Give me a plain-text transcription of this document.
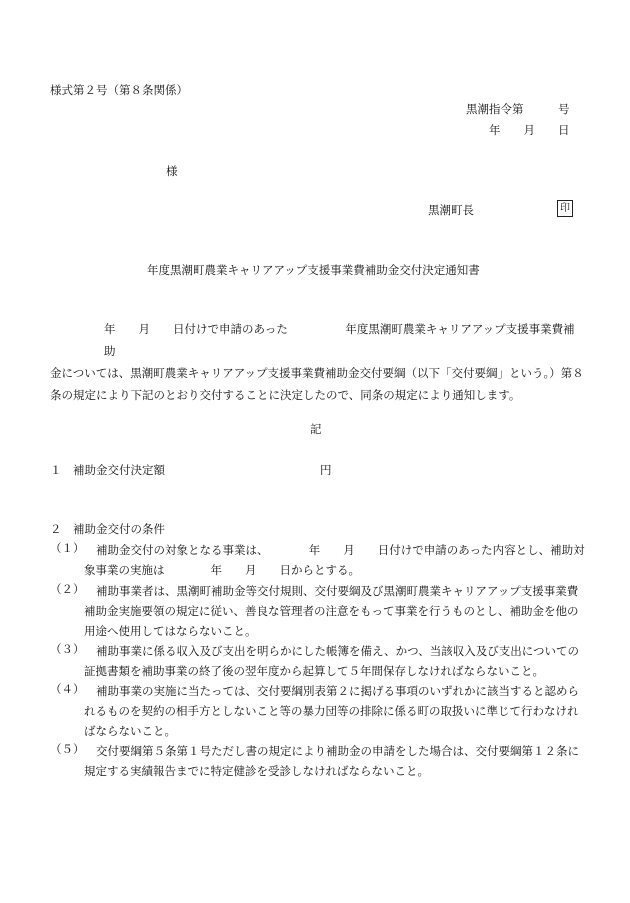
様式第２号（第８条関係）
黒潮指令第　　　号
年　　月　　日
様
黒潮町長	印
年度黒潮町農業キャリアアップ支援事業費補助金交付決定通知書
年　　月　　日付けで申請のあった　　　　　年度黒潮町農業キャリアアップ支援事業費補助
金については、黒潮町農業キャリアアップ支援事業費補助金交付要綱（以下「交付要綱」という。）第８
条の規定により下記のとおり交付することに決定したので、同条の規定により通知します。
記
１　補助金交付決定額	円
２　補助金交付の条件
（１）	補助金交付の対象となる事業は、　　　　年　　月　　日付けで申請のあった内容とし、補助対象事業の実施は　　　　年　　月　　日からとする。
（２）	補助事業者は、黒潮町補助金等交付規則、交付要綱及び黒潮町農業キャリアアップ支援事業費補助金実施要領の規定に従い、善良な管理者の注意をもって事業を行うものとし、補助金を他の用途へ使用してはならないこと。
（３）	補助事業に係る収入及び支出を明らかにした帳簿を備え、かつ、当該収入及び支出についての証拠書類を補助事業の終了後の翌年度から起算して５年間保存しなければならないこと。
（４）	補助事業の実施に当たっては、交付要綱別表第２に掲げる事項のいずれかに該当すると認められるものを契約の相手方としないこと等の暴力団等の排除に係る町の取扱いに準じて行わなければならないこと。
（５）	交付要綱第５条第１号ただし書の規定により補助金の申請をした場合は、交付要綱第１２条に規定する実績報告までに特定健診を受診しなければならないこと。
